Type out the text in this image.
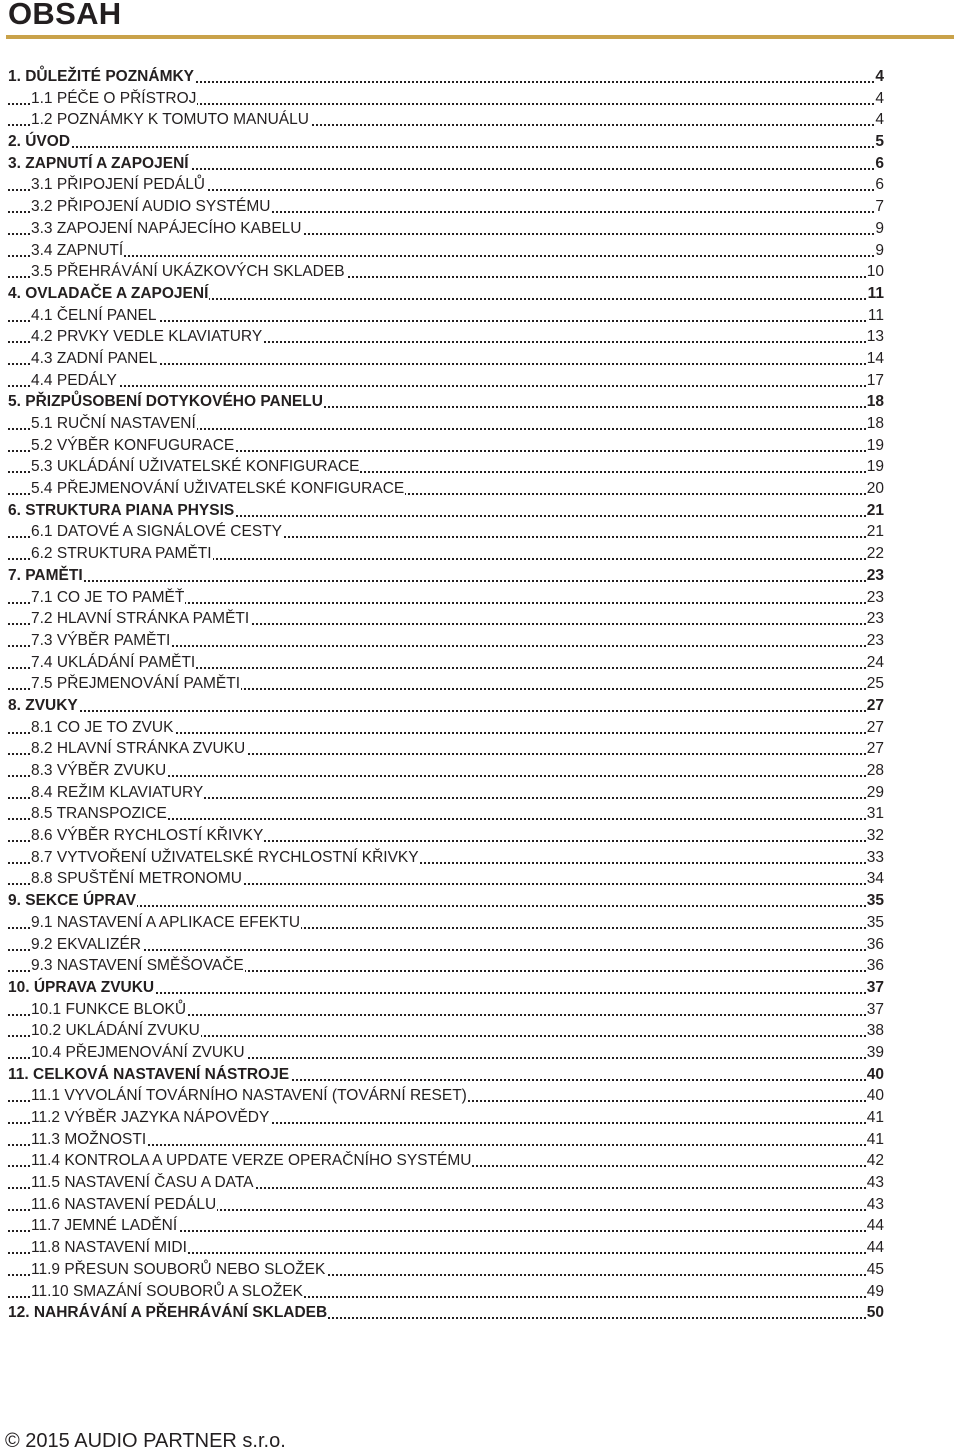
OBSAH
1. DŮLEŽITÉ POZNÁMKY	4
1.1 PÉČE O PŘÍSTROJ	4
1.2 POZNÁMKY K TOMUTO MANUÁLU	4
2. ÚVOD	5
3. ZAPNUTÍ A ZAPOJENÍ	6
3.1 PŘIPOJENÍ PEDÁLŮ	6
3.2 PŘIPOJENÍ AUDIO SYSTÉMU	7
3.3 ZAPOJENÍ NAPÁJECÍHO KABELU	9
3.4 ZAPNUTÍ	9
3.5 PŘEHRÁVÁNÍ UKÁZKOVÝCH SKLADEB	10
4. OVLADAČE A ZAPOJENÍ	11
4.1 ČELNÍ PANEL	11
4.2 PRVKY VEDLE KLAVIATURY	13
4.3 ZADNÍ PANEL	14
4.4 PEDÁLY	17
5. PŘIZPŮSOBENÍ DOTYKOVÉHO PANELU	18
5.1 RUČNÍ NASTAVENÍ	18
5.2 VÝBĚR KONFUGURACE	19
5.3 UKLÁDÁNÍ UŽIVATELSKÉ KONFIGURACE	19
5.4 PŘEJMENOVÁNÍ UŽIVATELSKÉ KONFIGURACE	20
6. STRUKTURA PIANA PHYSIS	21
6.1 DATOVÉ A SIGNÁLOVÉ CESTY	21
6.2 STRUKTURA PAMĚTI	22
7. PAMĚTI	23
7.1 CO JE TO PAMĚŤ	23
7.2 HLAVNÍ STRÁNKA PAMĚTI	23
7.3 VÝBĚR PAMĚTI	23
7.4 UKLÁDÁNÍ PAMĚTI	24
7.5 PŘEJMENOVÁNÍ PAMĚTI	25
8. ZVUKY	27
8.1 CO JE TO ZVUK	27
8.2 HLAVNÍ STRÁNKA ZVUKU	27
8.3 VÝBĚR ZVUKU	28
8.4 REŽIM KLAVIATURY	29
8.5 TRANSPOZICE	31
8.6 VÝBĚR RYCHLOSTÍ KŘIVKY	32
8.7 VYTVOŘENÍ UŽIVATELSKÉ RYCHLOSTNÍ KŘIVKY	33
8.8 SPUŠTĚNÍ METRONOMU	34
9. SEKCE ÚPRAV	35
9.1 NASTAVENÍ A APLIKACE EFEKTU	35
9.2 EKVALIZÉR	36
9.3 NASTAVENÍ SMĚŠOVAČE	36
10. ÚPRAVA ZVUKU	37
10.1 FUNKCE BLOKŮ	37
10.2 UKLÁDÁNÍ ZVUKU	38
10.4 PŘEJMENOVÁNÍ ZVUKU	39
11. CELKOVÁ NASTAVENÍ NÁSTROJE	40
11.1 VYVOLÁNÍ TOVÁRNÍHO NASTAVENÍ (TOVÁRNÍ RESET)	40
11.2 VÝBĚR JAZYKA NÁPOVĚDY	41
11.3 MOŽNOSTI	41
11.4 KONTROLA A UPDATE VERZE OPERAČNÍHO SYSTÉMU	42
11.5 NASTAVENÍ ČASU A DATA	43
11.6 NASTAVENÍ PEDÁLU	43
11.7 JEMNÉ LADĚNÍ	44
11.8 NASTAVENÍ MIDI	44
11.9 PŘESUN SOUBORŮ NEBO SLOŽEK	45
11.10 SMAZÁNÍ SOUBORŮ A SLOŽEK	49
12. NAHRÁVÁNÍ A PŘEHRÁVÁNÍ SKLADEB	50
© 2015 AUDIO PARTNER s.r.o.
